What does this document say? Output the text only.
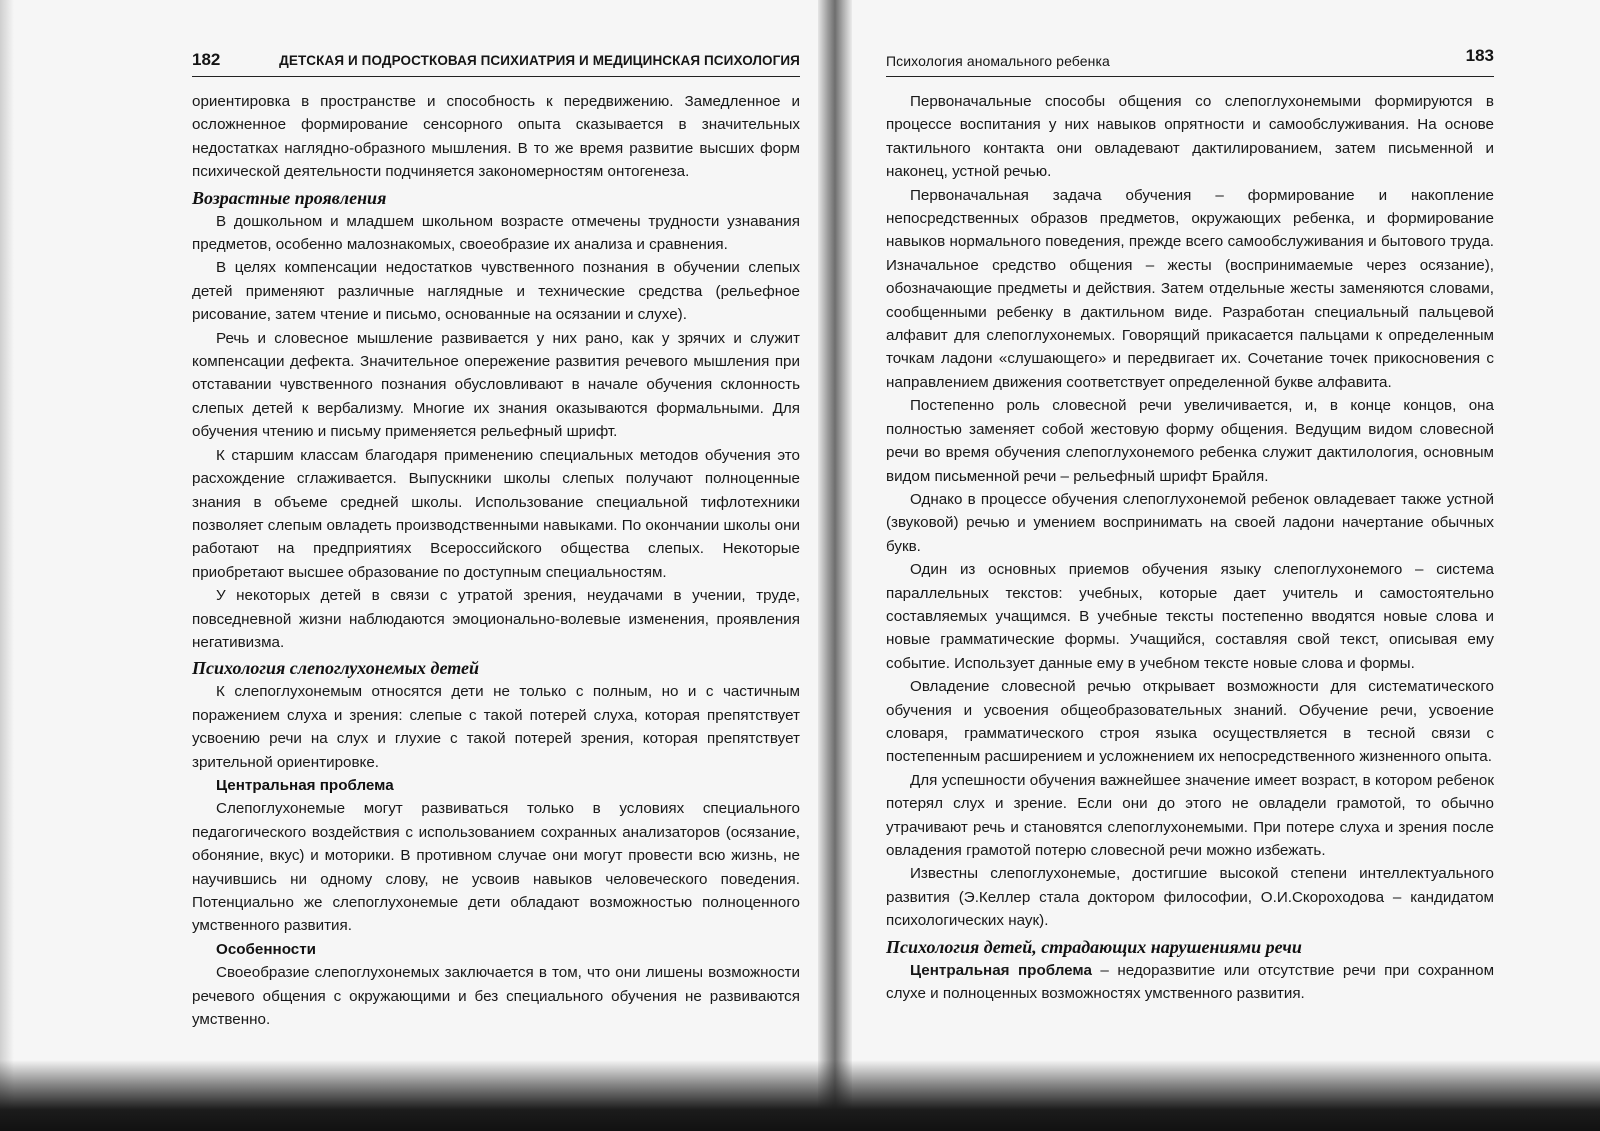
182	ДЕТСКАЯ И ПОДРОСТКОВАЯ ПСИХИАТРИЯ И МЕДИЦИНСКАЯ ПСИХОЛОГИЯ

ориентировка в пространстве и способность к передвижению. Замедленное и осложненное формирование сенсорного опыта сказывается в значительных недостатках наглядно-образного мышления. В то же время развитие высших форм психической деятельности подчиняется закономерностям онтогенеза.

Возрастные проявления

В дошкольном и младшем школьном возрасте отмечены трудности узнавания предметов, особенно малознакомых, своеобразие их анализа и сравнения.

В целях компенсации недостатков чувственного познания в обучении слепых детей применяют различные наглядные и технические средства (рельефное рисование, затем чтение и письмо, основанные на осязании и слухе).

Речь и словесное мышление развивается у них рано, как у зрячих и служит компенсации дефекта. Значительное опережение развития речевого мышления при отставании чувственного познания обусловливают в начале обучения склонность слепых детей к вербализму. Многие их знания оказываются формальными. Для обучения чтению и письму применяется рельефный шрифт.

К старшим классам благодаря применению специальных методов обучения это расхождение сглаживается. Выпускники школы слепых получают полноценные знания в объеме средней школы. Использование специальной тифлотехники позволяет слепым овладеть производственными навыками. По окончании школы они работают на предприятиях Всероссийского общества слепых. Некоторые приобретают высшее образование по доступным специальностям.

У некоторых детей в связи с утратой зрения, неудачами в учении, труде, повседневной жизни наблюдаются эмоционально-волевые изменения, проявления негативизма.

Психология слепоглухонемых детей

К слепоглухонемым относятся дети не только с полным, но и с частичным поражением слуха и зрения: слепые с такой потерей слуха, которая препятствует усвоению речи на слух и глухие с такой потерей зрения, которая препятствует зрительной ориентировке.

Центральная проблема

Слепоглухонемые могут развиваться только в условиях специального педагогического воздействия с использованием сохранных анализаторов (осязание, обоняние, вкус) и моторики. В противном случае они могут провести всю жизнь, не научившись ни одному слову, не усвоив навыков человеческого поведения. Потенциально же слепоглухонемые дети обладают возможностью полноценного умственного развития.

Особенности

Своеобразие слепоглухонемых заключается в том, что они лишены возможности речевого общения с окружающими и без специального обучения не развиваются умственно.

Психология аномального ребенка	183

Первоначальные способы общения со слепоглухонемыми формируются в процессе воспитания у них навыков опрятности и самообслуживания. На основе тактильного контакта они овладевают дактилированием, затем письменной и наконец, устной речью.

Первоначальная задача обучения – формирование и накопление непосредственных образов предметов, окружающих ребенка, и формирование навыков нормального поведения, прежде всего самообслуживания и бытового труда. Изначальное средство общения – жесты (воспринимаемые через осязание), обозначающие предметы и действия. Затем отдельные жесты заменяются словами, сообщенными ребенку в дактильном виде. Разработан специальный пальцевой алфавит для слепоглухонемых. Говорящий прикасается пальцами к определенным точкам ладони «слушающего» и передвигает их. Сочетание точек прикосновения с направлением движения соответствует определенной букве алфавита.

Постепенно роль словесной речи увеличивается, и, в конце концов, она полностью заменяет собой жестовую форму общения. Ведущим видом словесной речи во время обучения слепоглухонемого ребенка служит дактилология, основным видом письменной речи – рельефный шрифт Брайля.

Однако в процессе обучения слепоглухонемой ребенок овладевает также устной (звуковой) речью и умением воспринимать на своей ладони начертание обычных букв.

Один из основных приемов обучения языку слепоглухонемого – система параллельных текстов: учебных, которые дает учитель и самостоятельно составляемых учащимся. В учебные тексты постепенно вводятся новые слова и новые грамматические формы. Учащийся, составляя свой текст, описывая ему событие. Использует данные ему в учебном тексте новые слова и формы.

Овладение словесной речью открывает возможности для систематического обучения и усвоения общеобразовательных знаний. Обучение речи, усвоение словаря, грамматического строя языка осуществляется в тесной связи с постепенным расширением и усложнением их непосредственного жизненного опыта.

Для успешности обучения важнейшее значение имеет возраст, в котором ребенок потерял слух и зрение. Если они до этого не овладели грамотой, то обычно утрачивают речь и становятся слепоглухонемыми. При потере слуха и зрения после овладения грамотой потерю словесной речи можно избежать.

Известны слепоглухонемые, достигшие высокой степени интеллектуального развития (Э.Келлер стала доктором философии, О.И.Скороходова – кандидатом психологических наук).

Психология детей, страдающих нарушениями речи

Центральная проблема – недоразвитие или отсутствие речи при сохранном слухе и полноценных возможностях умственного развития.
